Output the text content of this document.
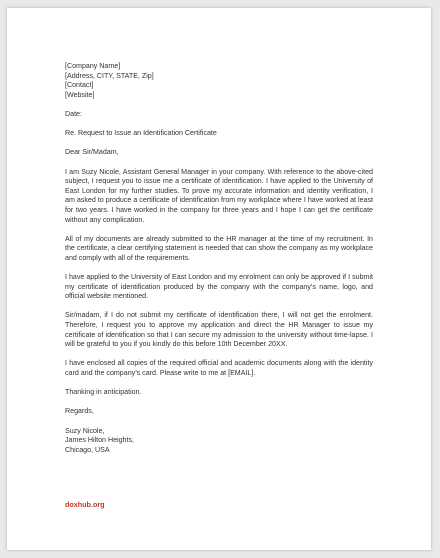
[Company Name]
[Address, CITY, STATE, Zip]
[Contact]
[Website]

Date:

Re. Request to Issue an Identification Certificate

Dear Sir/Madam,

I am Suzy Nicole, Assistant General Manager in your company. With reference to the above-cited subject, I request you to issue me a certificate of identification. I have applied to the University of East London for my further studies. To prove my accurate information and identity verification, I am asked to produce a certificate of identification from my workplace where I have worked at least for two years. I have worked in the company for three years and I hope I can get the certificate without any complication.

All of my documents are already submitted to the HR manager at the time of my recruitment. In the certificate, a clear certifying statement is needed that can show the company as my workplace and comply with all of the requirements.

I have applied to the University of East London and my enrolment can only be approved if I submit my certificate of identification produced by the company with the company’s name, logo, and official website mentioned.

Sir/madam, if I do not submit my certificate of identification there, I will not get the enrolment. Therefore, I request you to approve my application and direct the HR Manager to issue my certificate of identification so that I can secure my admission to the university without time-lapse. I will be grateful to you if you kindly do this before 10th December 20XX.

I have enclosed all copies of the required official and academic documents along with the identity card and the company’s card. Please write to me at [EMAIL].

Thanking in anticipation.

Regards,

Suzy Nicole,
James Hilton Heights,
Chicago, USA
doxhub.org
